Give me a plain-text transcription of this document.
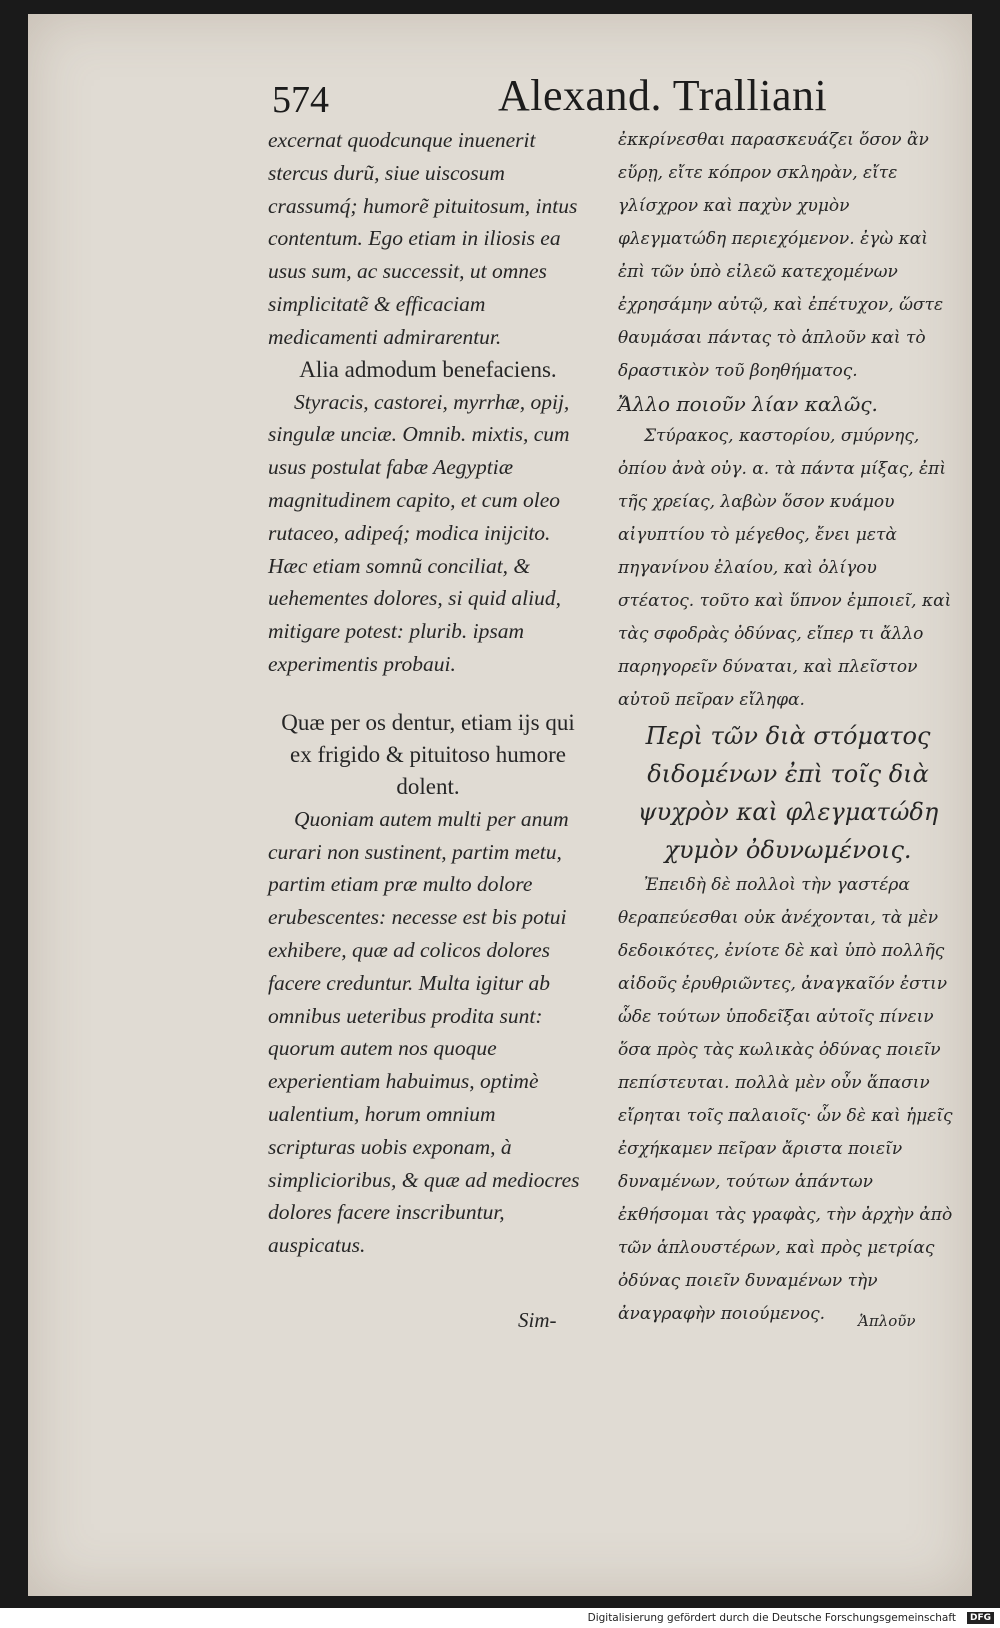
574	Alexand. Tralliani

excernat quodcunque inuenerit stercus durũ, siue uiscosum crassumq́; humorẽ pituitosum, intus contentum. Ego etiam in iliosis ea usus sum, ac successit, ut omnes simplicitatẽ & efficaciam medicamenti admirarentur.

Alia admodum benefaciens.

Styracis, castorei, myrrhæ, opij, singulæ unciæ. Omnib. mixtis, cum usus postulat fabæ Aegyptiæ magnitudinem capito, et cum oleo rutaceo, adipeq́; modica inijcito. Hæc etiam somnũ conciliat, & uehementes dolores, si quid aliud, mitigare potest: plurib. ipsam experimentis probaui.

Quæ per os dentur, etiam ijs qui ex frigido & pituitoso humore dolent.

Quoniam autem multi per anum curari non sustinent, partim metu, partim etiam præ multo dolore erubescentes: necesse est bis potui exhibere, quæ ad colicos dolores facere creduntur. Multa igitur ab omnibus ueteribus prodita sunt: quorum autem nos quoque experientiam habuimus, optimè ualentium, horum omnium scripturas uobis exponam, à simplicioribus, & quæ ad mediocres dolores facere inscribuntur, auspicatus.

ἐκκρίνεσθαι παρασκευάζει ὅσον ἂν εὕρῃ, εἴτε κόπρον σκληρὰν, εἴτε γλίσχρον καὶ παχὺν χυμὸν φλεγματώδη περιεχόμενον. ἐγὼ καὶ ἐπὶ τῶν ὑπὸ εἰλεῶ κατεχομένων ἐχρησάμην αὐτῷ, καὶ ἐπέτυχον, ὥστε θαυμάσαι πάντας τὸ ἁπλοῦν καὶ τὸ δραστικὸν τοῦ βοηθήματος.

Ἄλλο ποιοῦν λίαν καλῶς.

Στύρακος, καστορίου, σμύρνης, ὀπίου ἀνὰ οὐγ. α. τὰ πάντα μίξας, ἐπὶ τῆς χρείας, λαβὼν ὅσον κυάμου αἰγυπτίου τὸ μέγεθος, ἔνει μετὰ πηγανίνου ἐλαίου, καὶ ὀλίγου στέατος. τοῦτο καὶ ὕπνον ἐμποιεῖ, καὶ τὰς σφοδρὰς ὀδύνας, εἴπερ τι ἄλλο παρηγορεῖν δύναται, καὶ πλεῖστον αὐτοῦ πεῖραν εἴληφα.

Περὶ τῶν διὰ στόματος διδομένων ἐπὶ τοῖς διὰ ψυχρὸν καὶ φλεγματώδη χυμὸν ὀδυνωμένοις.

Ἐπειδὴ δὲ πολλοὶ τὴν γαστέρα θεραπεύεσθαι οὐκ ἀνέχονται, τὰ μὲν δεδοικότες, ἐνίοτε δὲ καὶ ὑπὸ πολλῆς αἰδοῦς ἐρυθριῶντες, ἀναγκαῖόν ἐστιν ὧδε τούτων ὑποδεῖξαι αὐτοῖς πίνειν ὅσα πρὸς τὰς κωλικὰς ὀδύνας ποιεῖν πεπίστευται. πολλὰ μὲν οὖν ἅπασιν εἴρηται τοῖς παλαιοῖς· ὧν δὲ καὶ ἡμεῖς ἐσχήκαμεν πεῖραν ἄριστα ποιεῖν δυναμένων, τούτων ἁπάντων ἐκθήσομαι τὰς γραφὰς, τὴν ἀρχὴν ἀπὸ τῶν ἁπλουστέρων, καὶ πρὸς μετρίας ὀδύνας ποιεῖν δυναμένων τὴν ἀναγραφὴν ποιούμενος.

Sim-	Ἁπλοῦν
Digitalisierung gefördert durch die Deutsche Forschungsgemeinschaft	DFG
